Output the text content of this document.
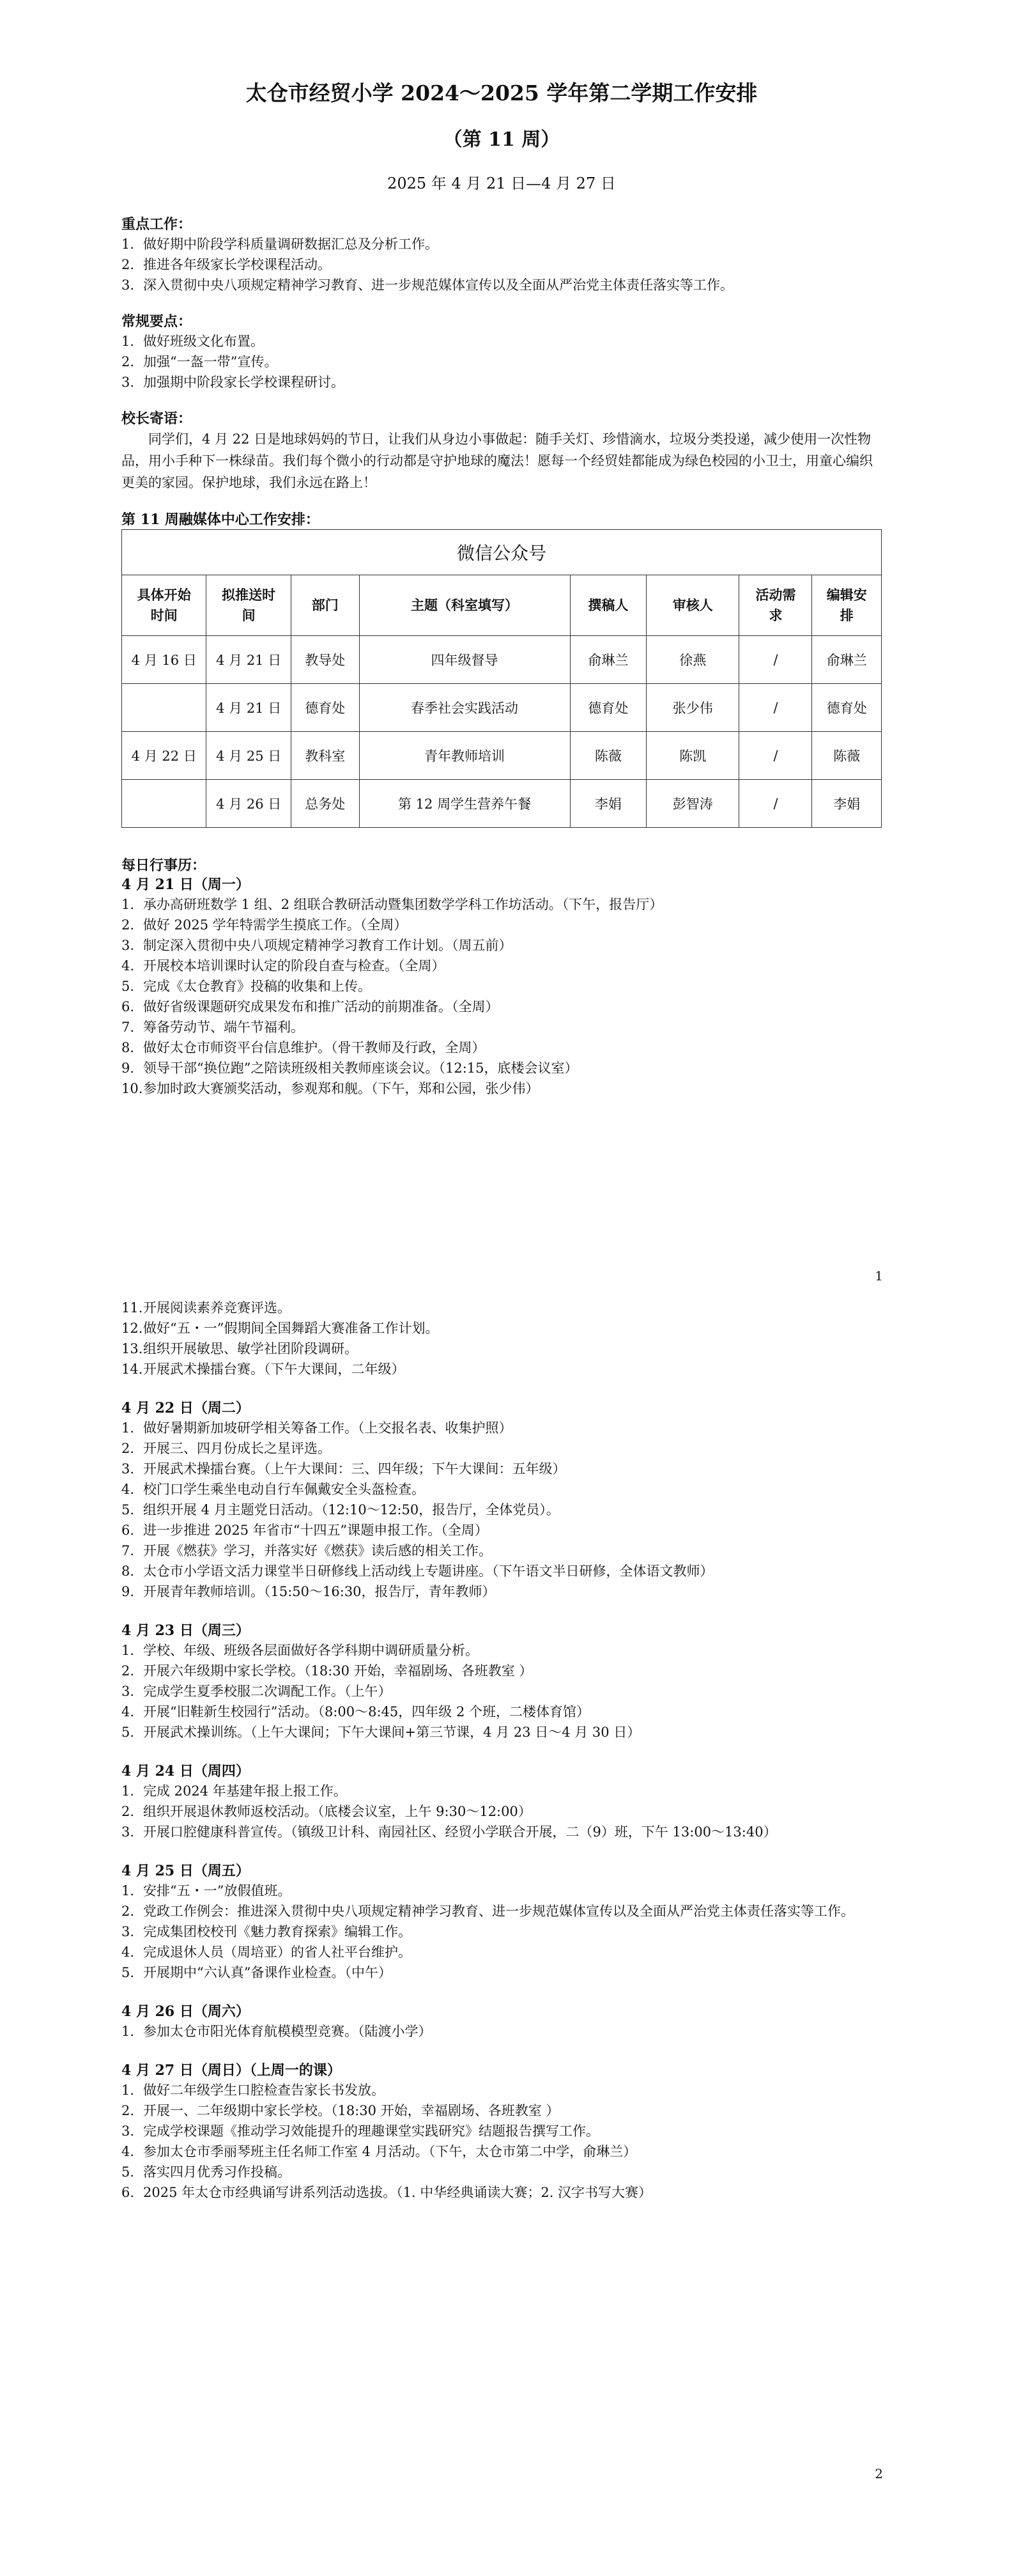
太仓市经贸小学 2024～2025 学年第二学期工作安排
（第 11 周）
2025 年 4 月 21 日—4 月 27 日

重点工作：

1. 做好期中阶段学科质量调研数据汇总及分析工作。
2. 推进各年级家长学校课程活动。
3. 深入贯彻中央八项规定精神学习教育、进一步规范媒体宣传以及全面从严治党主体责任落实等工作。

常规要点：

1. 做好班级文化布置。
2. 加强“一盔一带”宣传。
3. 加强期中阶段家长学校课程研讨。

校长寄语：

同学们，4 月 22 日是地球妈妈的节日，让我们从身边小事做起：随手关灯、珍惜滴水，垃圾分类投递，减少使用一次性物品，用小手种下一株绿苗。我们每个微小的行动都是守护地球的魔法！愿每一个经贸娃都能成为绿色校园的小卫士，用童心编织更美的家园。保护地球，我们永远在路上！

第 11 周融媒体中心工作安排：

微信公众号							
具体开始时间	拟推送时间	部门	主题（科室填写）	撰稿人	审核人	活动需求	编辑安排
4 月 16 日	4 月 21 日	教导处	四年级督导	俞琳兰	徐燕	/	俞琳兰
	4 月 21 日	德育处	春季社会实践活动	德育处	张少伟	/	德育处
4 月 22 日	4 月 25 日	教科室	青年教师培训	陈薇	陈凯	/	陈薇
	4 月 26 日	总务处	第 12 周学生营养午餐	李娟	彭智涛	/	李娟

每日行事历：

4 月 21 日（周一）

1. 承办高研班数学 1 组、2 组联合教研活动暨集团数学学科工作坊活动。（下午，报告厅）
2. 做好 2025 学年特需学生摸底工作。（全周）
3. 制定深入贯彻中央八项规定精神学习教育工作计划。（周五前）
4. 开展校本培训课时认定的阶段自查与检查。（全周）
5. 完成《太仓教育》投稿的收集和上传。
6. 做好省级课题研究成果发布和推广活动的前期准备。（全周）
7. 筹备劳动节、端午节福利。
8. 做好太仓市师资平台信息维护。（骨干教师及行政，全周）
9. 领导干部“换位跑”之陪读班级相关教师座谈会议。（12:15，底楼会议室）
10. 参加时政大赛颁奖活动，参观郑和舰。（下午，郑和公园，张少伟）
1
11. 开展阅读素养竞赛评选。
12. 做好“五・一”假期间全国舞蹈大赛准备工作计划。
13. 组织开展敏思、敏学社团阶段调研。
14. 开展武术操擂台赛。（下午大课间，二年级）

4 月 22 日（周二）

1. 做好暑期新加坡研学相关筹备工作。（上交报名表、收集护照）
2. 开展三、四月份成长之星评选。
3. 开展武术操擂台赛。（上午大课间：三、四年级；下午大课间：五年级）
4. 校门口学生乘坐电动自行车佩戴安全头盔检查。
5. 组织开展 4 月主题党日活动。（12:10～12:50，报告厅，全体党员）。
6. 进一步推进 2025 年省市“十四五”课题申报工作。（全周）
7. 开展《燃获》学习，并落实好《燃获》读后感的相关工作。
8. 太仓市小学语文活力课堂半日研修线上活动线上专题讲座。（下午语文半日研修，全体语文教师）
9. 开展青年教师培训。（15:50～16:30，报告厅，青年教师）

4 月 23 日（周三）

1. 学校、年级、班级各层面做好各学科期中调研质量分析。
2. 开展六年级期中家长学校。（18:30 开始，幸福剧场、各班教室 ）
3. 完成学生夏季校服二次调配工作。（上午）
4. 开展“旧鞋新生校园行”活动。（8:00～8:45，四年级 2 个班，二楼体育馆）
5. 开展武术操训练。（上午大课间；下午大课间+第三节课，4 月 23 日～4 月 30 日）

4 月 24 日（周四）

1. 完成 2024 年基建年报上报工作。
2. 组织开展退休教师返校活动。（底楼会议室，上午 9:30～12:00）
3. 开展口腔健康科普宣传。（镇级卫计科、南园社区、经贸小学联合开展，二（9）班，下午 13:00～13:40）

4 月 25 日（周五）

1. 安排“五・一”放假值班。
2. 党政工作例会：推进深入贯彻中央八项规定精神学习教育、进一步规范媒体宣传以及全面从严治党主体责任落实等工作。
3. 完成集团校校刊《魅力教育探索》编辑工作。
4. 完成退休人员（周培亚）的省人社平台维护。
5. 开展期中“六认真”备课作业检查。（中午）

4 月 26 日（周六）

1. 参加太仓市阳光体育航模模型竞赛。（陆渡小学）

4 月 27 日（周日）（上周一的课）

1. 做好二年级学生口腔检查告家长书发放。
2. 开展一、二年级期中家长学校。（18:30 开始，幸福剧场、各班教室 ）
3. 完成学校课题《推动学习效能提升的理趣课堂实践研究》结题报告撰写工作。
4. 参加太仓市季丽琴班主任名师工作室 4 月活动。（下午，太仓市第二中学，俞琳兰）
5. 落实四月优秀习作投稿。
6. 2025 年太仓市经典诵写讲系列活动选拔。（1. 中华经典诵读大赛；2. 汉字书写大赛）
2
